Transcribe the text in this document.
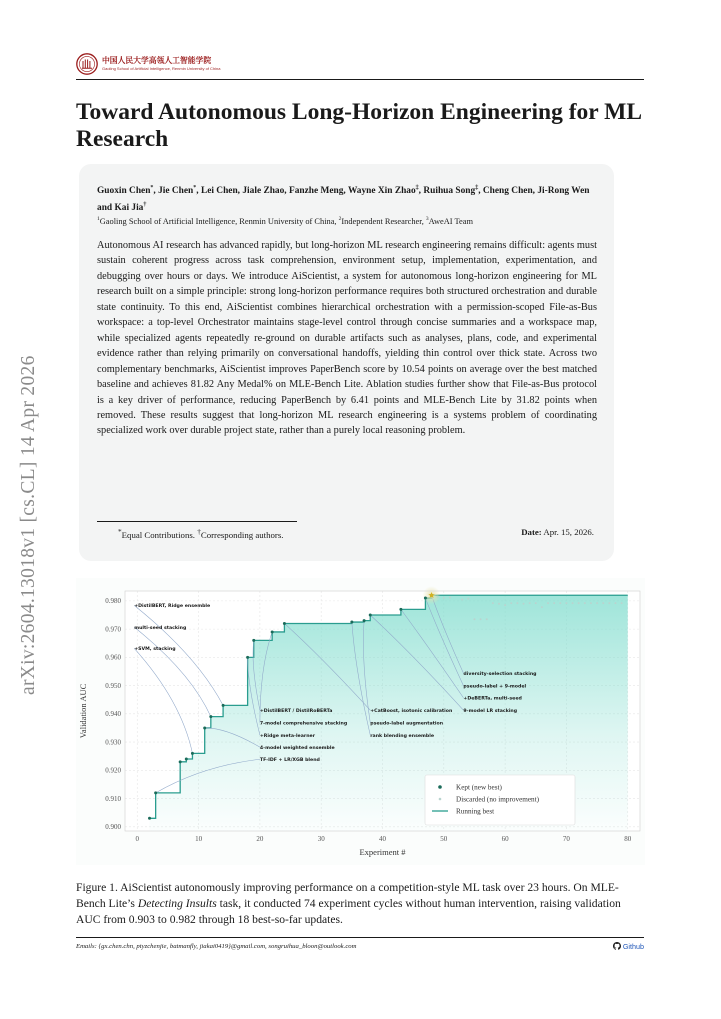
arXiv:2604.13018v1 [cs.CL] 14 Apr 2026
中国人民大学高瓴人工智能学院
Gaoling School of Artificial Intelligence, Renmin University of China
Toward Autonomous Long-Horizon Engineering for ML Research
Guoxin Chen*, Jie Chen*, Lei Chen, Jiale Zhao, Fanzhe Meng, Wayne Xin Zhao‡, Ruihua Song‡, Cheng Chen, Ji-Rong Wen and Kai Jia†
$^1$Gaoling School of Artificial Intelligence, Renmin University of China, $^2$Independent Researcher, $^3$AweAI Team

Autonomous AI research has advanced rapidly, but long-horizon ML research engineering remains difficult: agents must sustain coherent progress across task comprehension, environment setup, implementation, experimentation, and debugging over hours or days. We introduce AiScientist, a system for autonomous long-horizon engineering for ML research built on a simple principle: strong long-horizon performance requires both structured orchestration and durable state continuity. To this end, AiScientist combines hierarchical orchestration with a permission-scoped File-as-Bus workspace: a top-level Orchestrator maintains stage-level control through concise summaries and a workspace map, while specialized agents repeatedly re-ground on durable artifacts such as analyses, plans, code, and experimental evidence rather than relying primarily on conversational handoffs, yielding thin control over thick state. Across two complementary benchmarks, AiScientist improves PaperBench score by 10.54 points on average over the best matched baseline and achieves 81.82 Any Medal% on MLE-Bench Lite. Ablation studies further show that File-as-Bus protocol is a key driver of performance, reducing PaperBench by 6.41 points and MLE-Bench Lite by 31.82 points when removed. These results suggest that long-horizon ML research engineering is a systems problem of coordinating specialized work over durable project state, rather than a purely local reasoning problem.

*Equal Contributions. †Corresponding authors.	Date: Apr. 15, 2026.
0.900
0.910
0.920
0.930
0.940
0.950
0.960
0.970
0.980
0	10	20	30	40	50	60	70	80
+DistilBERT, Ridge ensemble
multi-seed stacking
+SVM, stacking
+DistilBERT / DistilRoBERTa
7-model comprehensive stacking
+Ridge meta-learner
4-model weighted ensemble
TF-IDF + LR/XGB blend
+CatBoost, isotonic calibration
pseudo-label augmentation
rank blending ensemble
9-model LR stacking
+DeBERTa, multi-seed
pseudo-label + 9-model
diversity-selection stacking
Experiment #
Validation AUC
Kept (new best)
Discarded (no improvement)
Running best

Figure 1. AiScientist autonomously improving performance on a competition-style ML task over 23 hours. On MLE-Bench Lite’s Detecting Insults task, it conducted 74 experiment cycles without human intervention, raising validation AUC from 0.903 to 0.982 through 18 best-so-far updates.

Emails: {gx.chen.chn, ptyzchenjie, batmanfly, jiakai0419}@gmail.com, songruihua_bloon@outlook.com	Github
